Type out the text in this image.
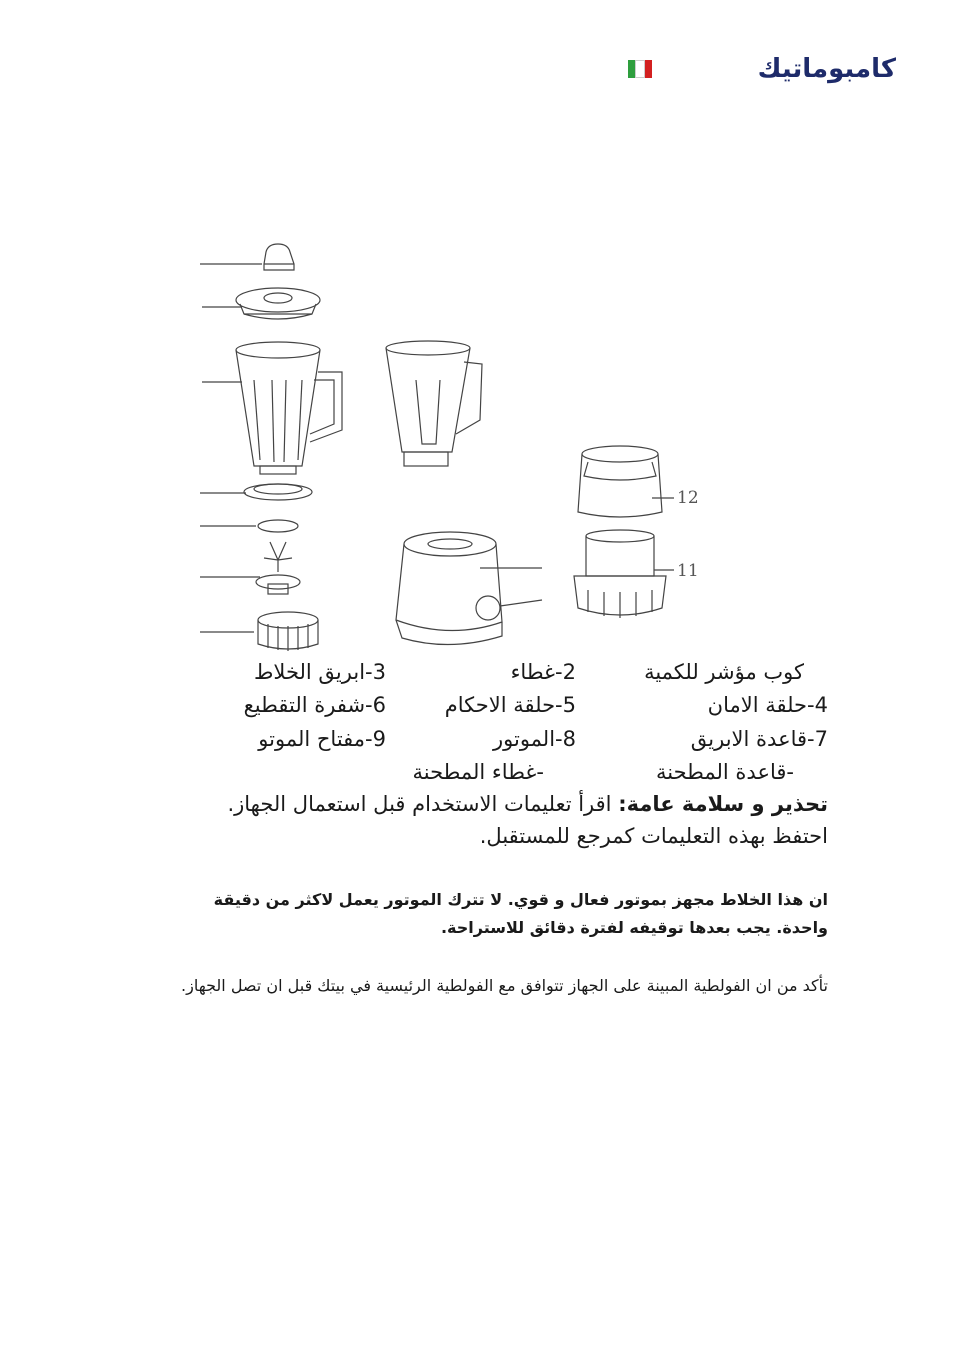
كامبوماتيك
12
11
كوب مؤشر للكمية
2-غطاء
3-ابريق الخلاط
4-حلقة الامان
5-حلقة الاحكام
6-شفرة التقطيع
7-قاعدة الابريق
8-الموتور
9-مفتاح الموتو
-قاعدة المطحنة
-غطاء المطحنة
تحذير و سلامة عامة: اقرأ تعليمات الاستخدام قبل استعمال الجهاز. احتفظ بهذه التعليمات كمرجع للمستقبل.
ان هذا الخلاط مجهز بموتور فعال و قوي. لا تترك الموتور يعمل لاكثر من دقيقة واحدة. يجب بعدها توقيفه لفترة دقائق للاستراحة.
تأكد من ان الفولطية المبينة على الجهاز تتوافق مع الفولطية الرئيسية في بيتك قبل ان تصل الجهاز.
